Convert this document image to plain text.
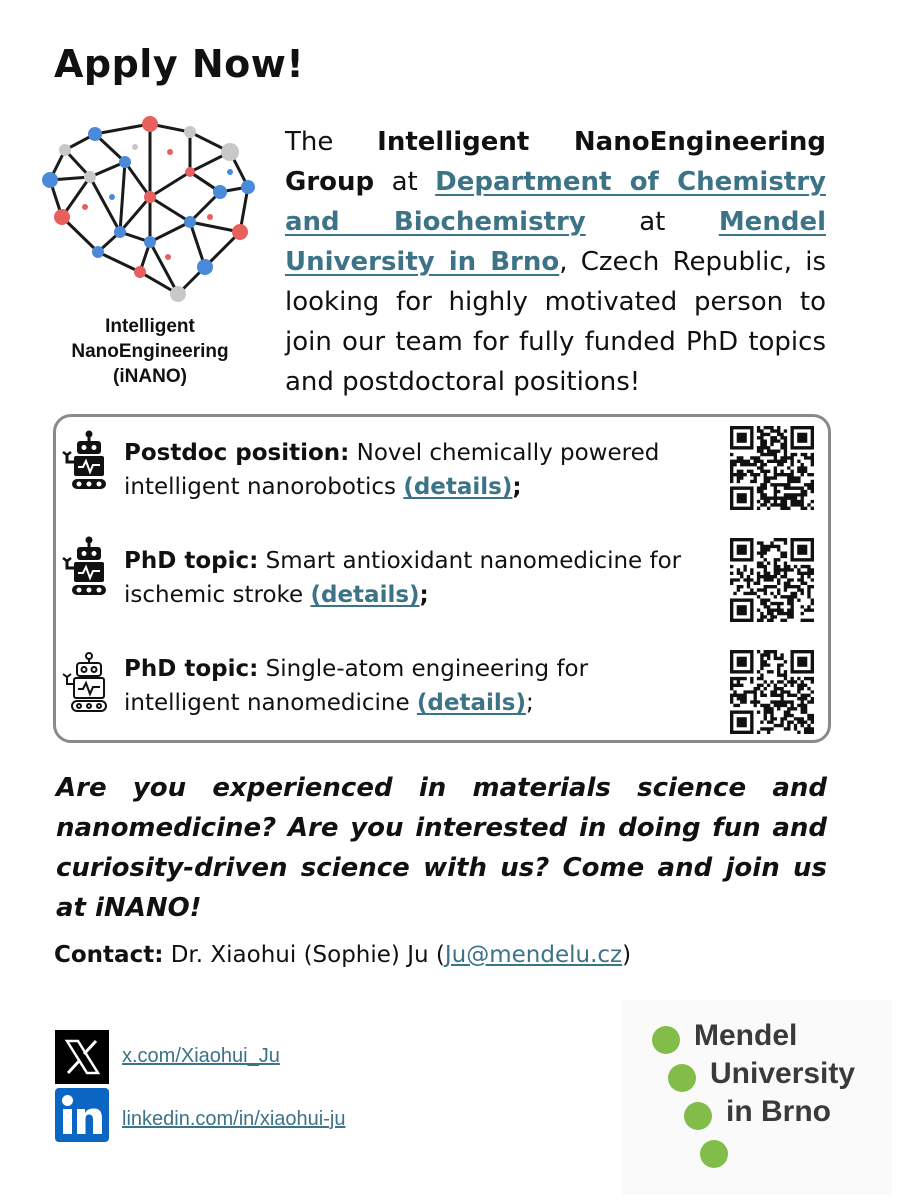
Apply Now!
Intelligent
NanoEngineering
(iNANO)
The Intelligent NanoEngineering Group at Department of Chemistry and Biochemistry at Mendel University in Brno, Czech Republic, is looking for highly motivated person to join our team for fully funded PhD topics and postdoctoral positions!
Postdoc position: Novel chemically powered intelligent nanorobotics (details);
PhD topic: Smart antioxidant nanomedicine for ischemic stroke (details);
PhD topic: Single-atom engineering for intelligent nanomedicine (details);
Are you experienced in materials science and nanomedicine? Are you interested in doing fun and curiosity-driven science with us? Come and join us at iNANO!
Contact: Dr. Xiaohui (Sophie) Ju (Ju@mendelu.cz)
x.com/Xiaohui_Ju
linkedin.com/in/xiaohui-ju
Mendel
University
in Brno
